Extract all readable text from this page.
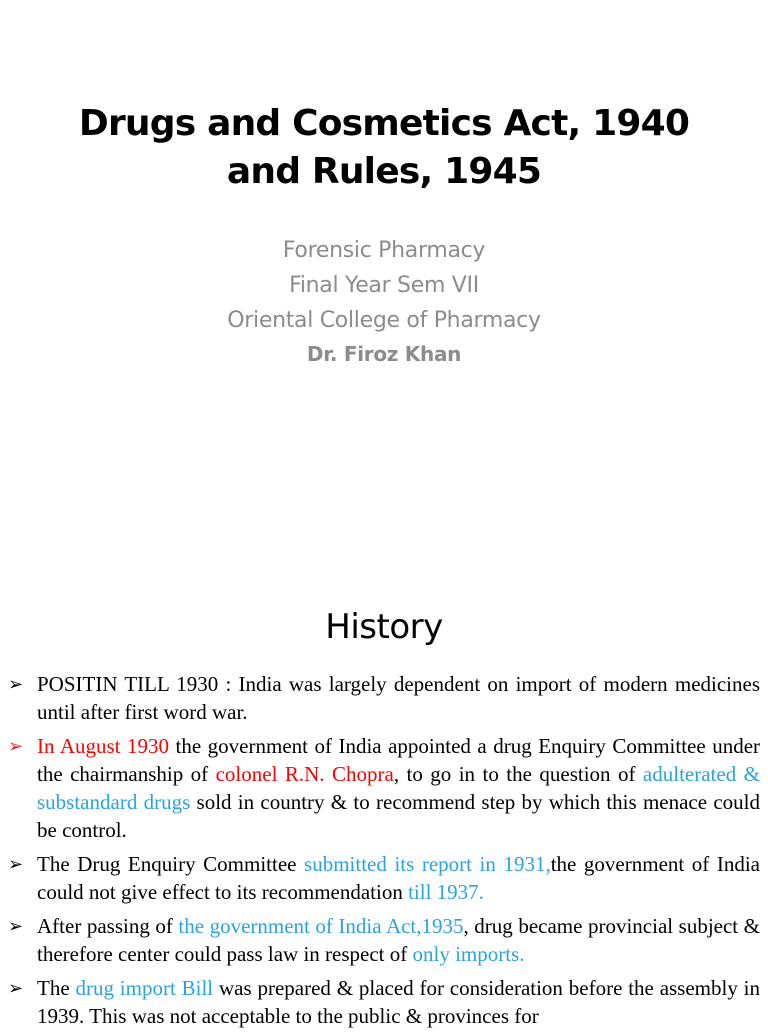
Drugs and Cosmetics Act, 1940
and Rules, 1945
Forensic Pharmacy
Final Year Sem VII
Oriental College of Pharmacy
Dr. Firoz Khan
History
➢ POSITIN TILL 1930 : India was largely dependent on import of modern medicines until after first word war.
➢ In August 1930 the government of India appointed a drug Enquiry Committee under the chairmanship of colonel R.N. Chopra, to go in to the question of adulterated & substandard drugs sold in country & to recommend step by which this menace could be control.
➢ The Drug Enquiry Committee submitted its report in 1931,the government of India could not give effect to its recommendation till 1937.
➢ After passing of the government of India Act,1935, drug became provincial subject & therefore center could pass law in respect of only imports.
➢ The drug import Bill was prepared & placed for consideration before the assembly in 1939. This was not acceptable to the public & provinces for
